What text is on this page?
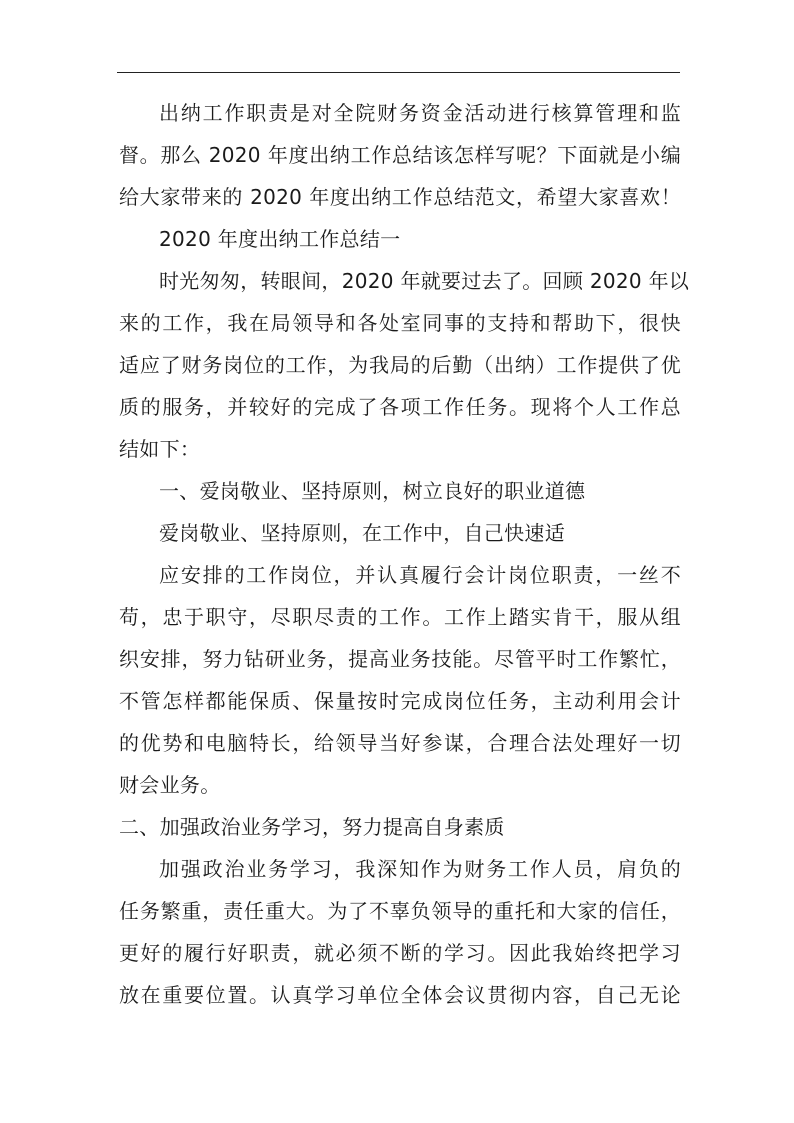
出纳工作职责是对全院财务资金活动进行核算管理和监
督。那么 2020 年度出纳工作总结该怎样写呢？下面就是小编
给大家带来的 2020 年度出纳工作总结范文，希望大家喜欢！
2020 年度出纳工作总结一
时光匆匆，转眼间，2020 年就要过去了。回顾 2020 年以
来的工作，我在局领导和各处室同事的支持和帮助下，很快
适应了财务岗位的工作，为我局的后勤（出纳）工作提供了优
质的服务，并较好的完成了各项工作任务。现将个人工作总
结如下：
一、爱岗敬业、坚持原则，树立良好的职业道德
爱岗敬业、坚持原则，在工作中，自己快速适
应安排的工作岗位，并认真履行会计岗位职责，一丝不
苟，忠于职守，尽职尽责的工作。工作上踏实肯干，服从组
织安排，努力钻研业务，提高业务技能。尽管平时工作繁忙，
不管怎样都能保质、保量按时完成岗位任务，主动利用会计
的优势和电脑特长，给领导当好参谋，合理合法处理好一切
财会业务。
二、加强政治业务学习，努力提高自身素质
加强政治业务学习，我深知作为财务工作人员，肩负的
任务繁重，责任重大。为了不辜负领导的重托和大家的信任，
更好的履行好职责，就必须不断的学习。因此我始终把学习
放在重要位置。认真学习单位全体会议贯彻内容，自己无论
